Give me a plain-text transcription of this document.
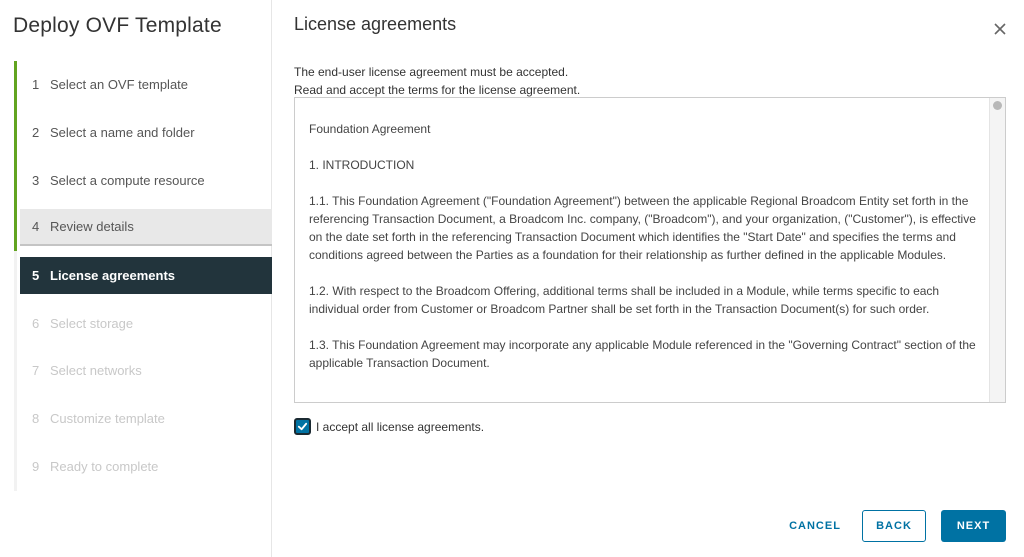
Deploy OVF Template
1 Select an OVF template
2 Select a name and folder
3 Select a compute resource
4 Review details
5 License agreements
6 Select storage
7 Select networks
8 Customize template
9 Ready to complete
License agreements
The end-user license agreement must be accepted.
Read and accept the terms for the license agreement.

Foundation Agreement

1. INTRODUCTION

1.1. This Foundation Agreement ("Foundation Agreement") between the applicable Regional Broadcom Entity set forth in the referencing Transaction Document, a Broadcom Inc. company, ("Broadcom"), and your organization, ("Customer"), is effective on the date set forth in the referencing Transaction Document which identifies the "Start Date" and specifies the terms and conditions agreed between the Parties as a foundation for their relationship as further defined in the applicable Modules.

1.2. With respect to the Broadcom Offering, additional terms shall be included in a Module, while terms specific to each individual order from Customer or Broadcom Partner shall be set forth in the Transaction Document(s) for such order.

1.3. This Foundation Agreement may incorporate any applicable Module referenced in the "Governing Contract" section of the applicable Transaction Document.

I accept all license agreements.
CANCEL	BACK	NEXT
